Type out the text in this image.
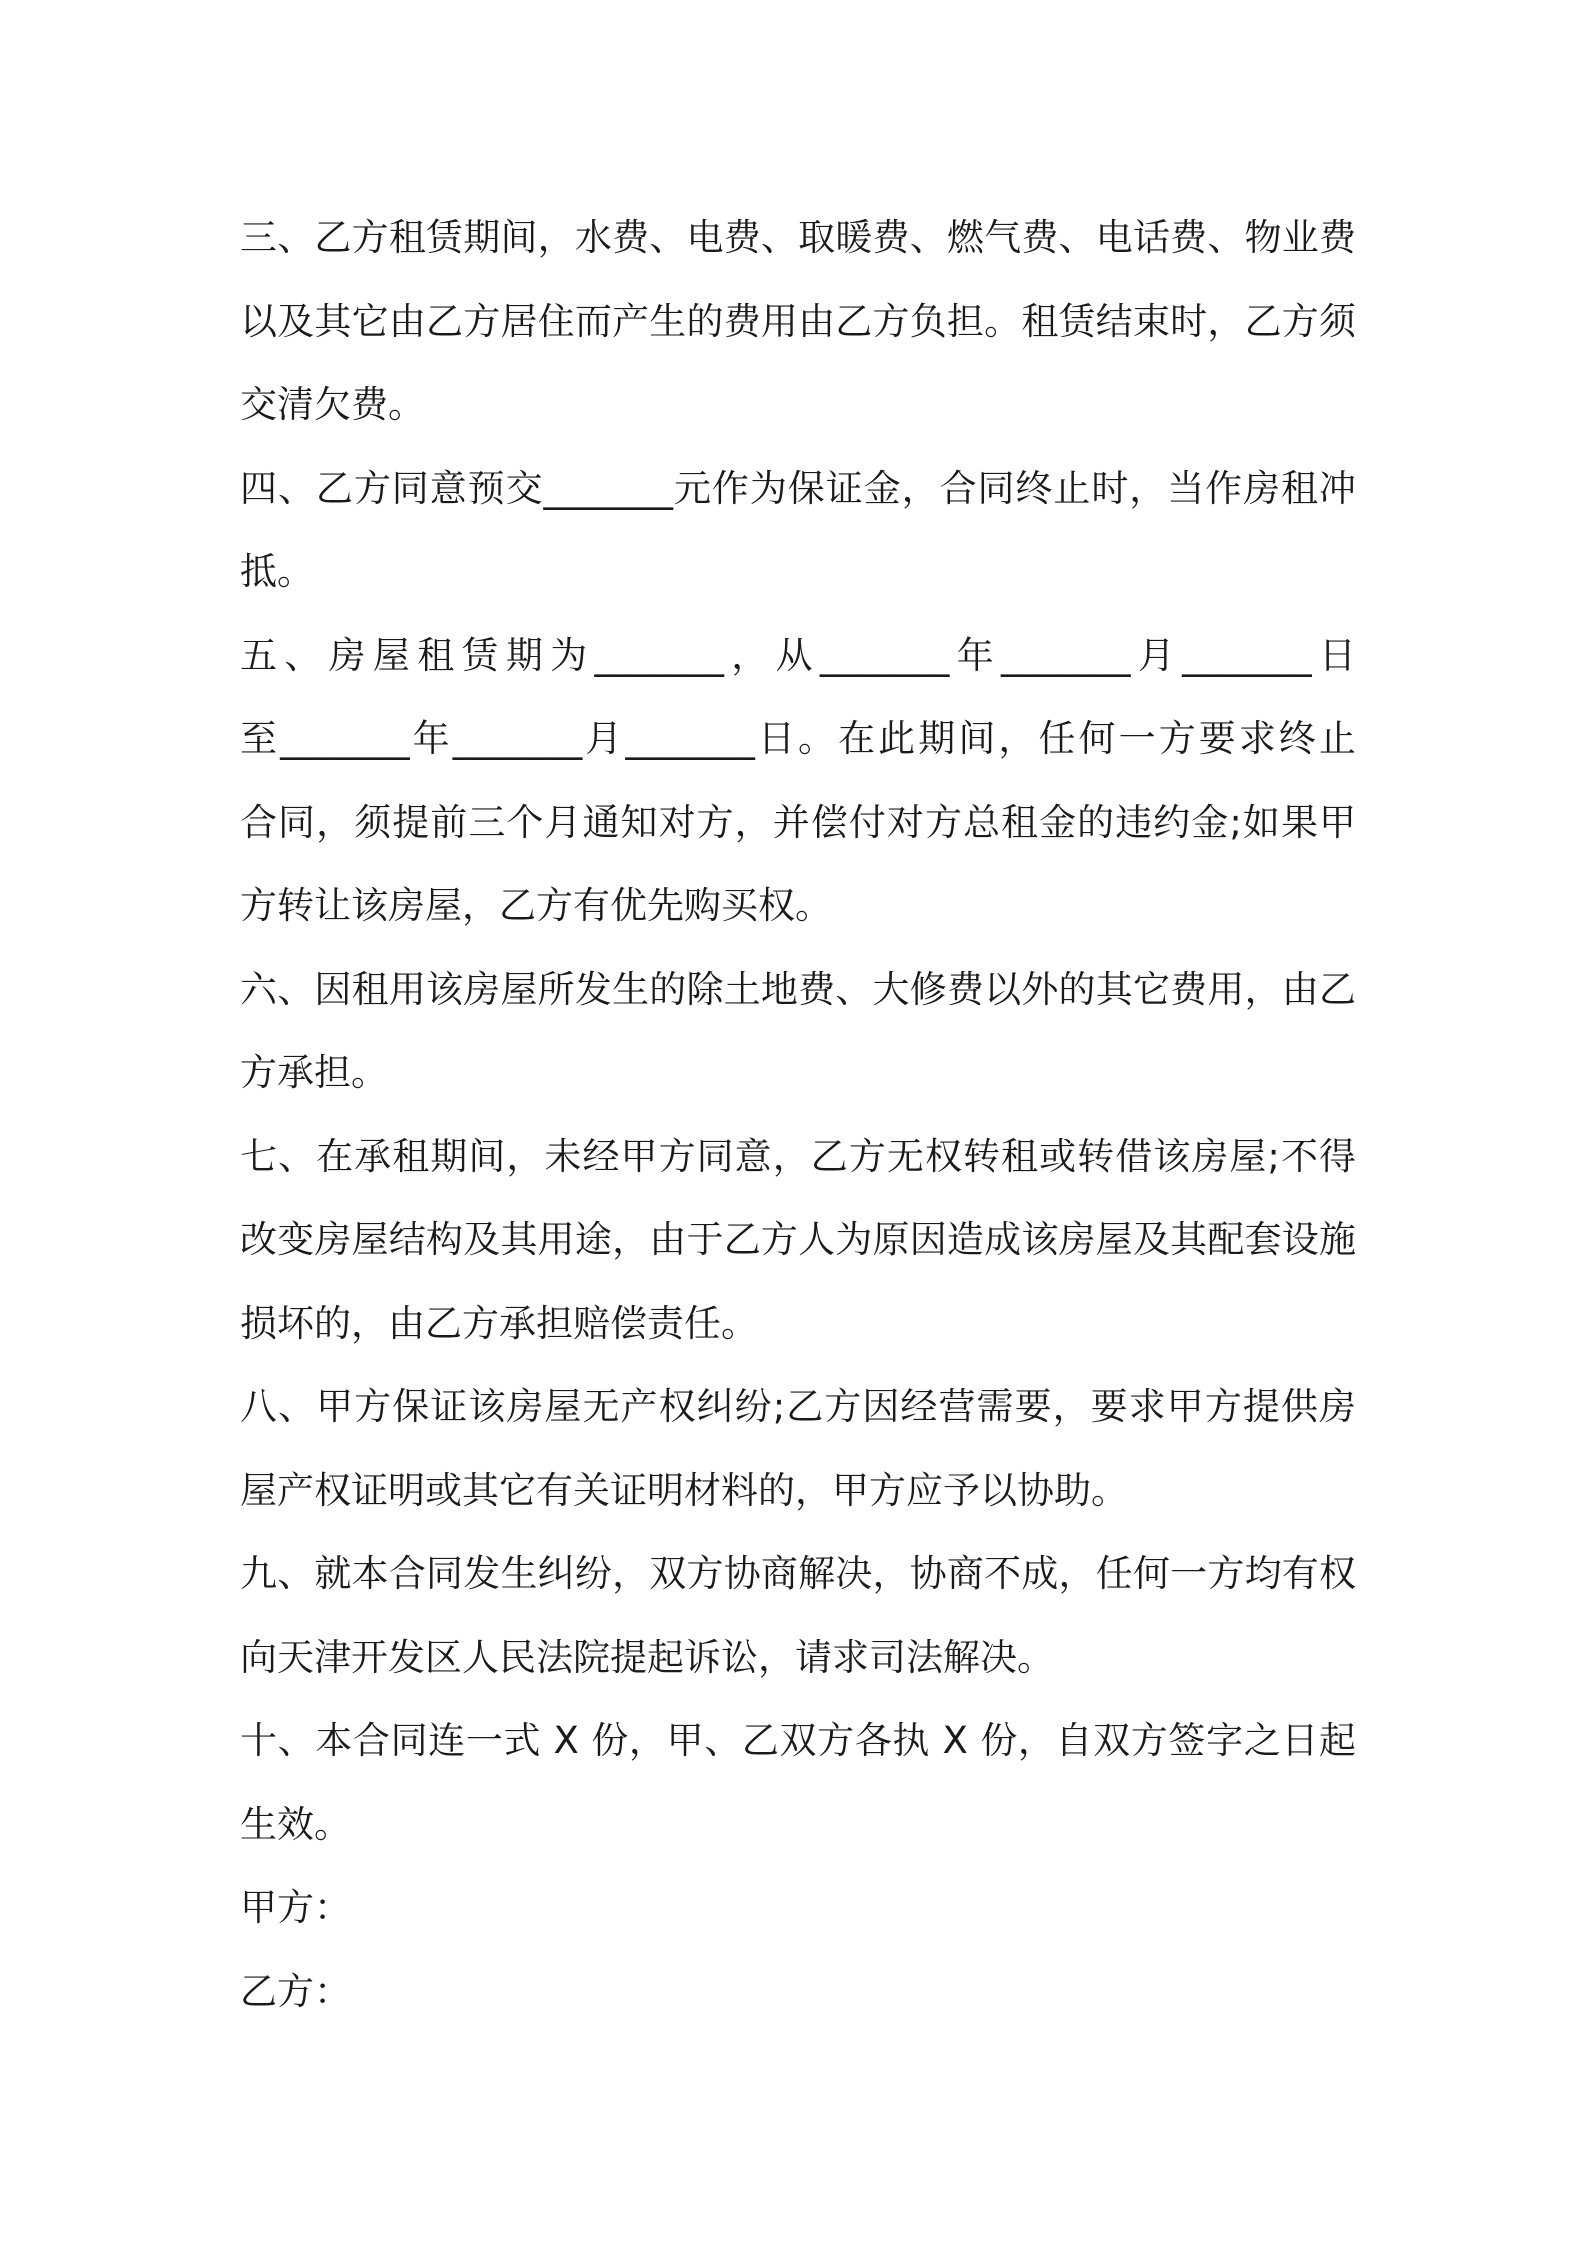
三、乙方租赁期间，水费、电费、取暖费、燃气费、电话费、物业费
以及其它由乙方居住而产生的费用由乙方负担。租赁结束时，乙方须
交清欠费。
四、乙方同意预交_______元作为保证金，合同终止时，当作房租冲
抵。
五、房屋租赁期为_______，从_______年_______月_______日
至_______年_______月_______日。在此期间，任何一方要求终止
合同，须提前三个月通知对方，并偿付对方总租金的违约金;如果甲
方转让该房屋，乙方有优先购买权。
六、因租用该房屋所发生的除土地费、大修费以外的其它费用，由乙
方承担。
七、在承租期间，未经甲方同意，乙方无权转租或转借该房屋;不得
改变房屋结构及其用途，由于乙方人为原因造成该房屋及其配套设施
损坏的，由乙方承担赔偿责任。
八、甲方保证该房屋无产权纠纷;乙方因经营需要，要求甲方提供房
屋产权证明或其它有关证明材料的，甲方应予以协助。
九、就本合同发生纠纷，双方协商解决，协商不成，任何一方均有权
向天津开发区人民法院提起诉讼，请求司法解决。
十、本合同连一式 X 份，甲、乙双方各执 X 份，自双方签字之日起
生效。
甲方：
乙方：
